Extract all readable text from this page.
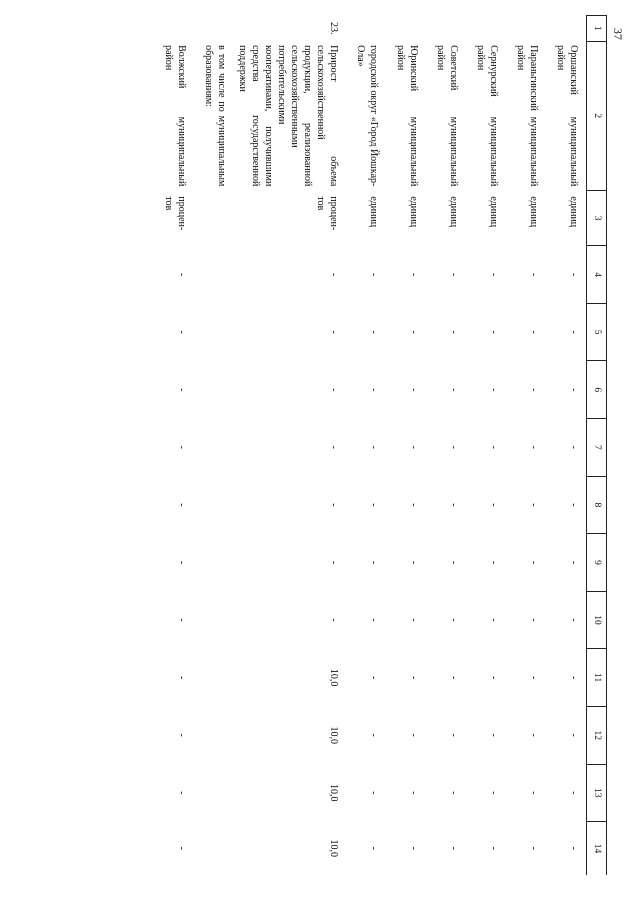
37
1	2	3	4	5	6	7	8	9	10	11	12	13	14
	Оршанский муниципальный район	единиц	-	-	-	-	-	-	-	-	-	-	-
	Параньгинский муниципальный район	единиц	-	-	-	-	-	-	-	-	-	-	-
	Сернурский муниципальный район	единиц	-	-	-	-	-	-	-	-	-	-	-
	Советский муниципальный район	единиц	-	-	-	-	-	-	-	-	-	-	-
	Юринский муниципальный район	единиц	-	-	-	-	-	-	-	-	-	-	-
	городской округ «Город Йошкар-Ола»	единиц	-	-	-	-	-	-	-	-	-	-	-
23.	Прирост объема сельскохозяйственной продукции, реализованной сельскохозяйственными потребительскими кооперативами, получившими средства государственной поддержки	процен-тов	-	-	-	-	-	-	-	10,0	10,0	10,0	10,0
	в том числе по муниципальным образованиям:												
	Волжский муниципальный район	процен-тов	-	-	-	-	-	-	-	-	-	-	-
